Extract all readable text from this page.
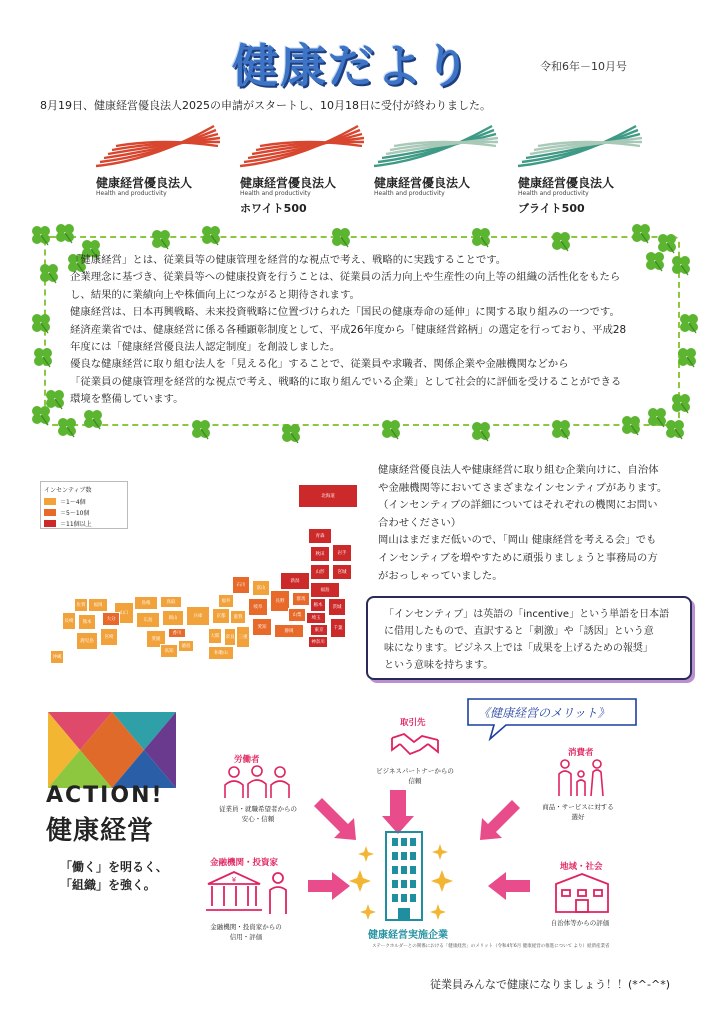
健康だより	令和6年－10月号
8月19日、健康経営優良法人2025の申請がスタートし、10月18日に受付が終わりました。
健康経営優良法人
Health and productivity
健康経営優良法人
Health and productivity
ホワイト500
健康経営優良法人
Health and productivity
健康経営優良法人
Health and productivity
ブライト500
「健康経営」とは、従業員等の健康管理を経営的な視点で考え、戦略的に実践することです。
企業理念に基づき、従業員等への健康投資を行うことは、従業員の活力向上や生産性の向上等の組織の活性化をもたら
し、結果的に業績向上や株価向上につながると期待されます。
健康経営は、日本再興戦略、未来投資戦略に位置づけられた「国民の健康寿命の延伸」に関する取り組みの一つです。
経済産業省では、健康経営に係る各種顕彰制度として、平成26年度から「健康経営銘柄」の選定を行っており、平成28
年度には「健康経営優良法人認定制度」を創設しました。
優良な健康経営に取り組む法人を「見える化」することで、従業員や求職者、関係企業や金融機関などから
「従業員の健康管理を経営的な視点で考え、戦略的に取り組んでいる企業」として社会的に評価を受けることができる
環境を整備しています。
北海道
青森
秋田	岩手
山形	宮城
新潟
福島
石川
富山
長野	群馬
栃木	茨城
福井
岐阜
山梨
埼玉
千葉
東京
神奈川
静岡
愛知
滋賀
京都
三重
奈良
大阪
兵庫
和歌山
鳥取
島根
岡山
広島
山口
香川
徳島
愛媛
高知
福岡
佐賀
長崎	大分
熊本
宮崎
鹿児島
沖縄
インセンティブ数
＝1～4個
＝5～10個
＝11個以上
健康経営優良法人や健康経営に取り組む企業向けに、自治体
や金融機関等においてさまざまなインセンティブがあります。
（インセンティブの詳細についてはそれぞれの機関にお問い
合わせください）
岡山はまだまだ低いので、「岡山 健康経営を考える会」でも
インセンティブを増やすために頑張りましょうと事務局の方
がおっしゃっていました。
「インセンティブ」は英語の「incentive」という単語を日本語
に借用したもので、直訳すると「刺激」や「誘因」という意
味になります。ビジネス上では「成果を上げるための報奨」
という意味を持ちます。
《健康経営のメリット》
ACTION!
健康経営
「働く」を明るく、
「組織」を強く。
労働者
従業員・就職希望者からの
安心・信頼
取引先
ビジネスパートナーからの
信頼
消費者
商品・サービスに対する
選好
金融機関・投資家
¥
金融機関・投資家からの
信用・評価
地域・社会
自治体等からの評価
健康経営実施企業
ステークホルダーとの関係における「健康経営」のメリット（令和4年6月 健康経営の推進について より）経済産業省
従業員みんなで健康になりましょう！！(*^-^*)
